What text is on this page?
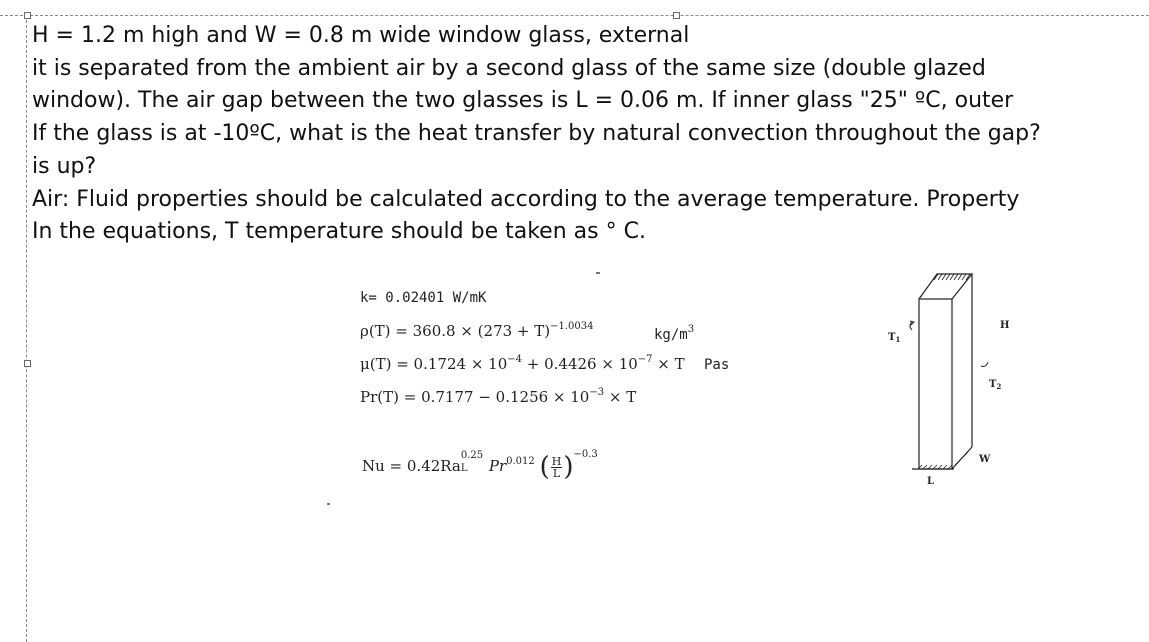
H = 1.2 m high and W = 0.8 m wide window glass, external
it is separated from the ambient air by a second glass of the same size (double glazed
window). The air gap between the two glasses is L = 0.06 m. If inner glass "25" ºC, outer
If the glass is at -10ºC, what is the heat transfer by natural convection throughout the gap?
is up?
Air: Fluid properties should be calculated according to the average temperature. Property
In the equations, T temperature should be taken as ° C.
k= 0.02401 W/mK
$\rho(T) = 360.8 \times (273 + T)^{-1.0034}$
$kg/m^3$
$\mu(T) = 0.1724 \times 10^{-4} + 0.4426 \times 10^{-7} \times T$ Pas
$Pr(T) = 0.7177 - 0.1256 \times 10^{-3} \times T$
Nu = 0.42Ra
0.25
L $Pr^{0.012}$ ( $\frac{H}{L} )^{-0.3}$
$T_1$
$T_2$
H
W
L
